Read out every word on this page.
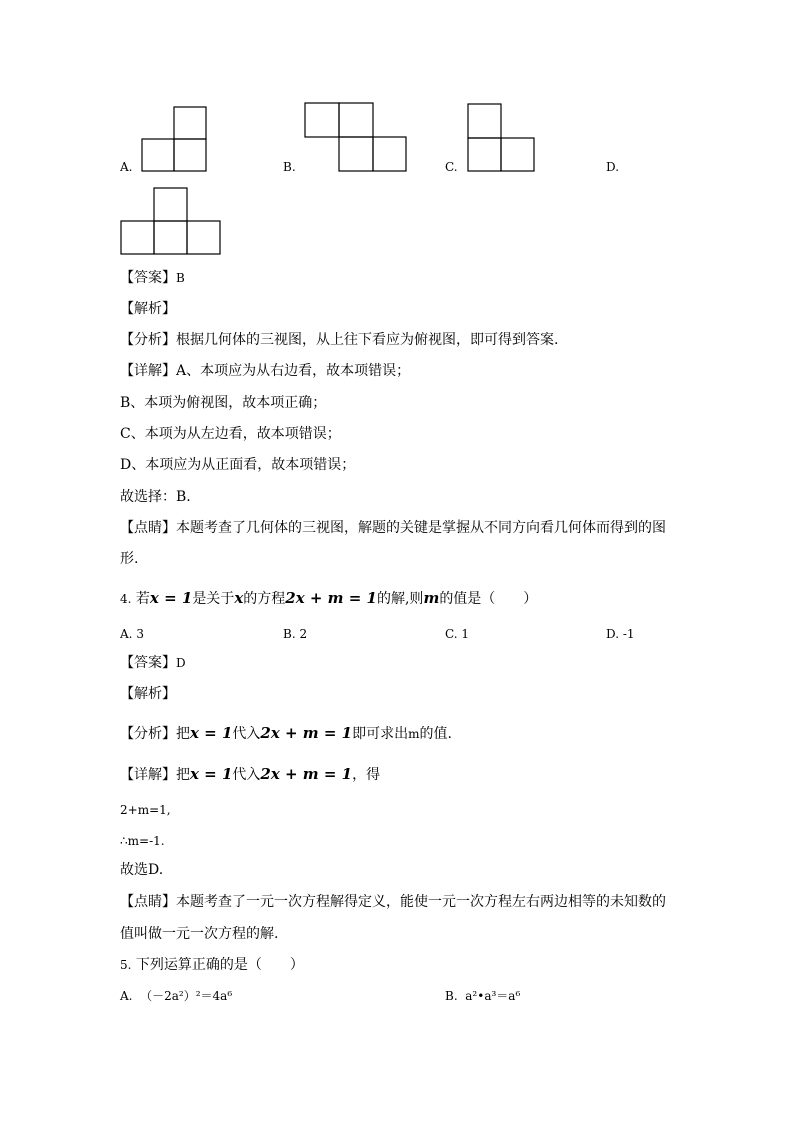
A.	B.	C.	D.
【答案】B
【解析】
【分析】根据几何体的三视图，从上往下看应为俯视图，即可得到答案.
【详解】A、本项应为从右边看，故本项错误；
B、本项为俯视图，故本项正确；
C、本项为从左边看，故本项错误；
D、本项应为从正面看，故本项错误；
故选择：B.
【点睛】本题考查了几何体的三视图，解题的关键是掌握从不同方向看几何体而得到的图
形.
4. 若x = 1是关于x的方程2x + m = 1的解,则m的值是（　　）
A. 3	B. 2	C. 1	D. -1
【答案】D
【解析】
【分析】把x = 1代入2x + m = 1即可求出m的值.
【详解】把x = 1代入2x + m = 1，得
2+m=1,
∴m=-1.
故选D.
【点睛】本题考查了一元一次方程解得定义，能使一元一次方程左右两边相等的未知数的
值叫做一元一次方程的解.
5. 下列运算正确的是（　　）
A. （－2a²）²＝4a⁶	B. a²•a³＝a⁶
